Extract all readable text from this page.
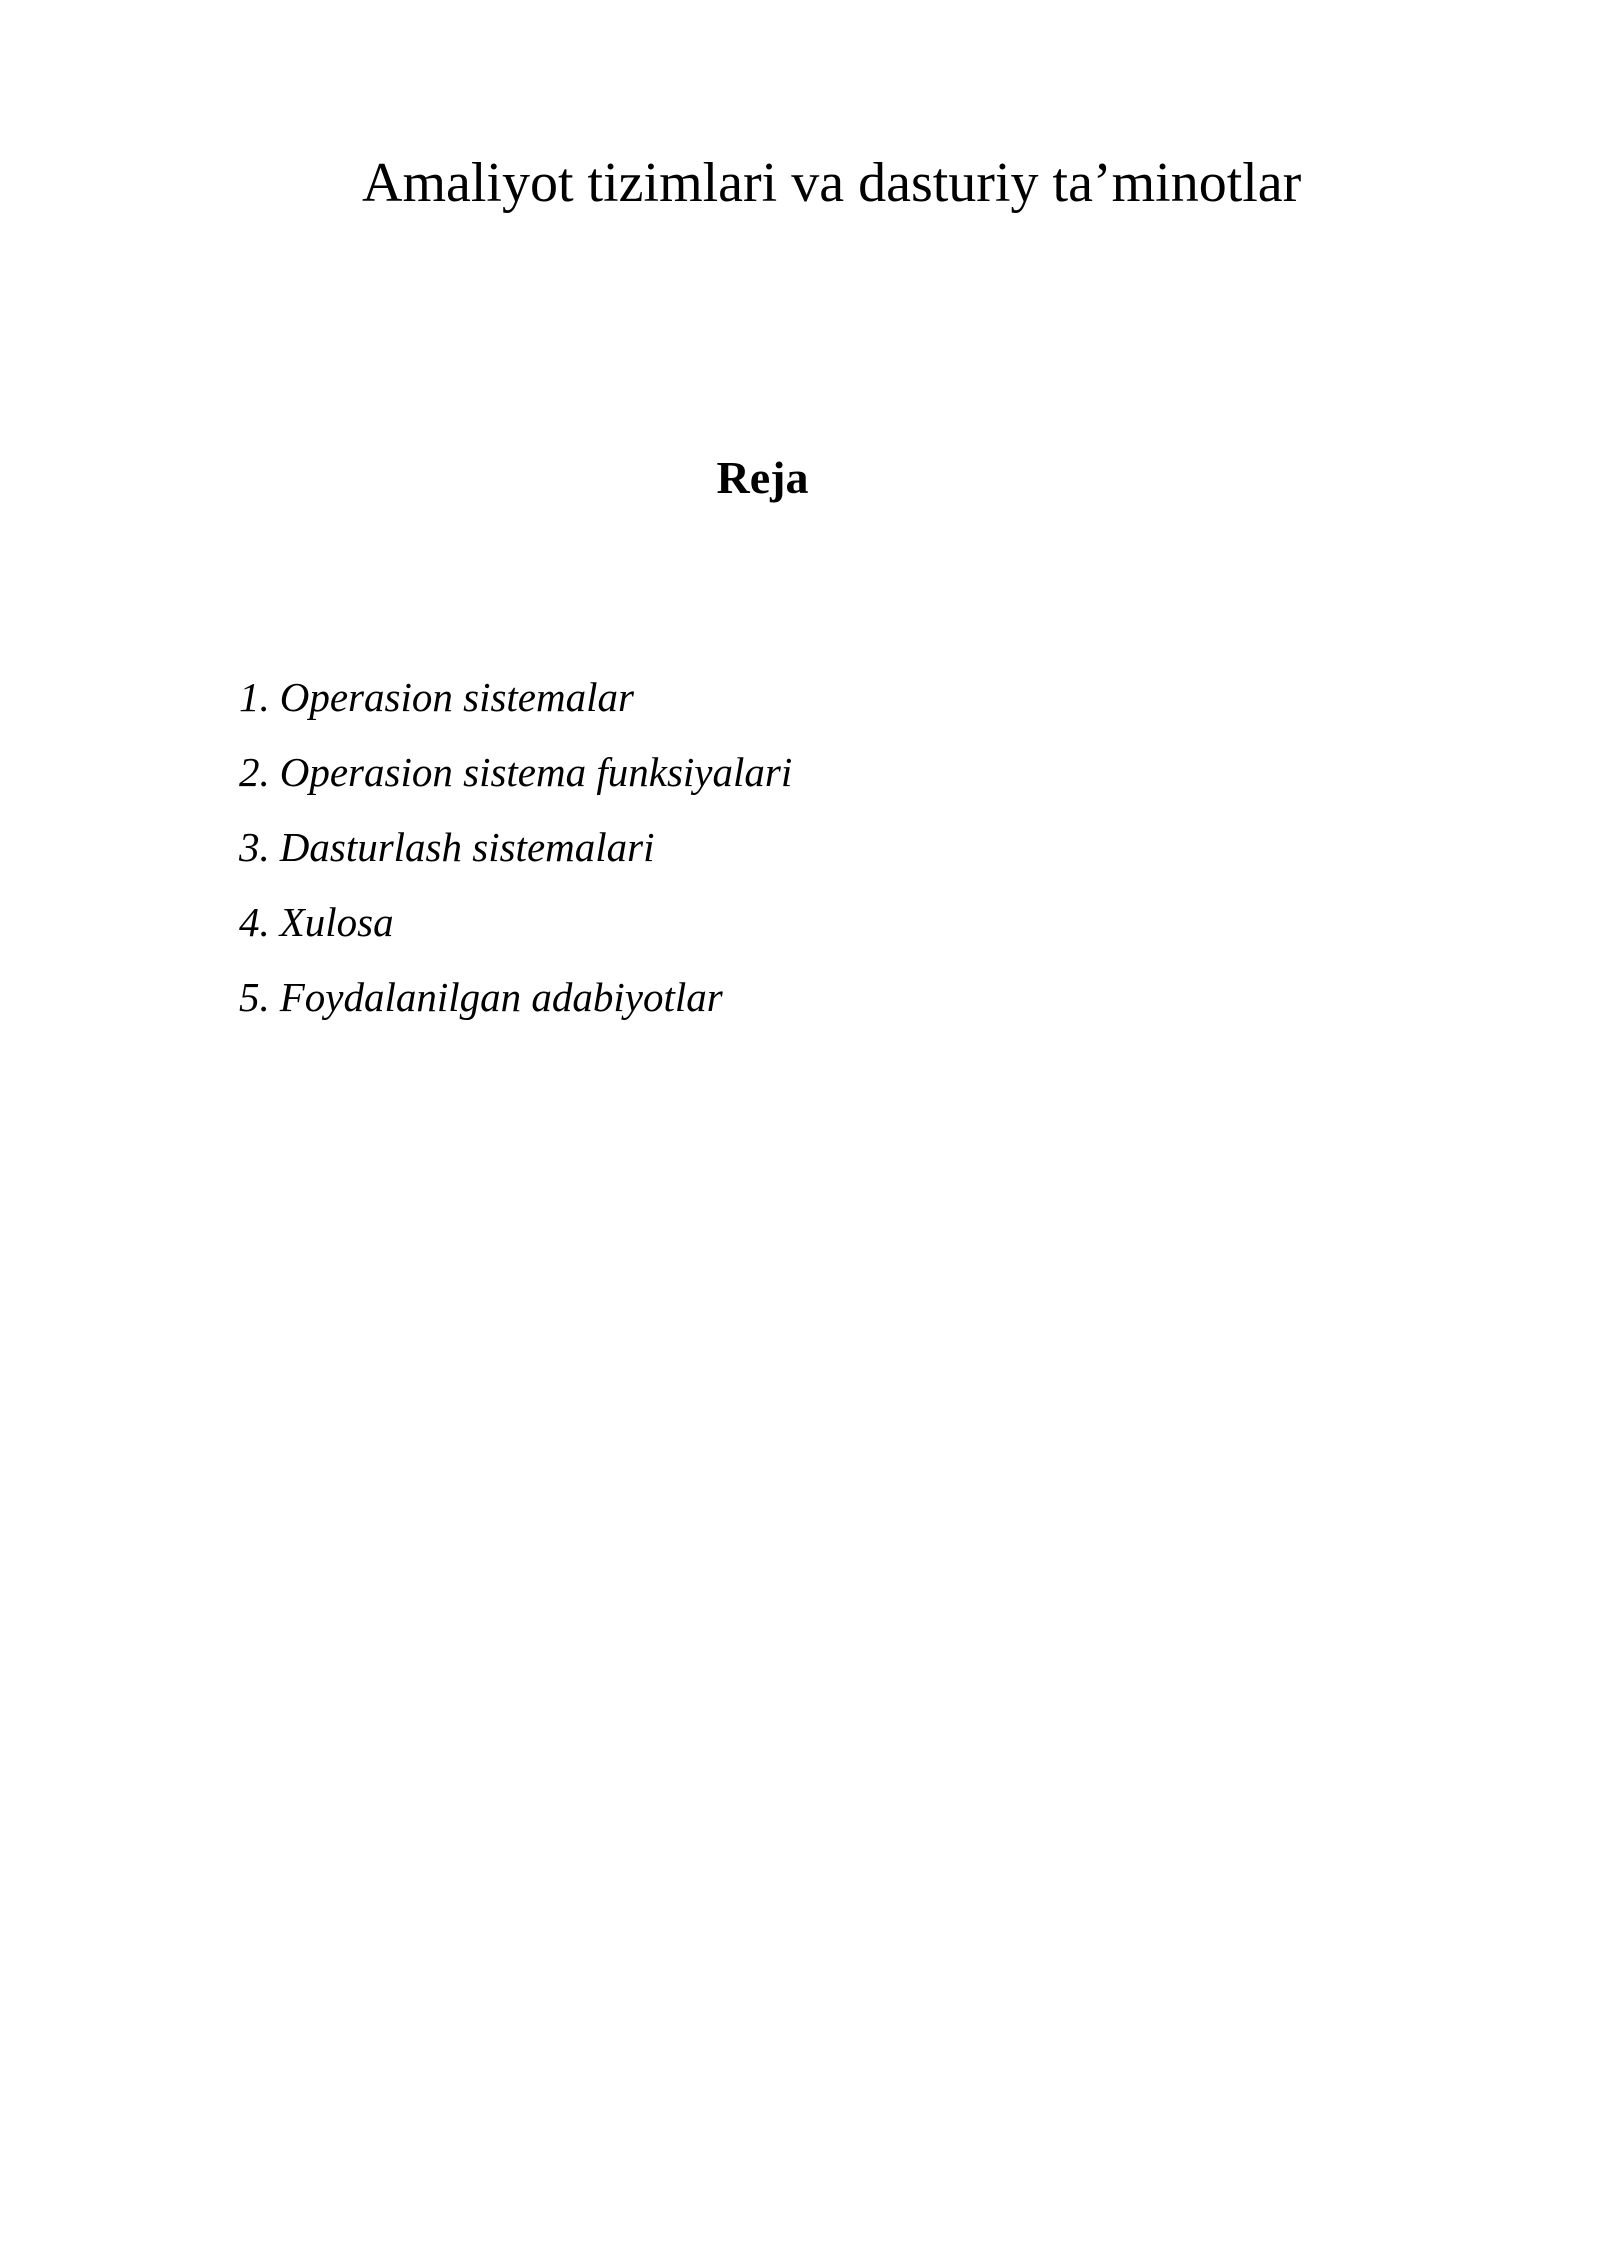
Amaliyot tizimlari va dasturiy ta’minotlar
Reja
1. Operasion sistemalar
2. Operasion sistema funksiyalari
3. Dasturlash sistemalari
4. Xulosa
5. Foydalanilgan adabiyotlar
